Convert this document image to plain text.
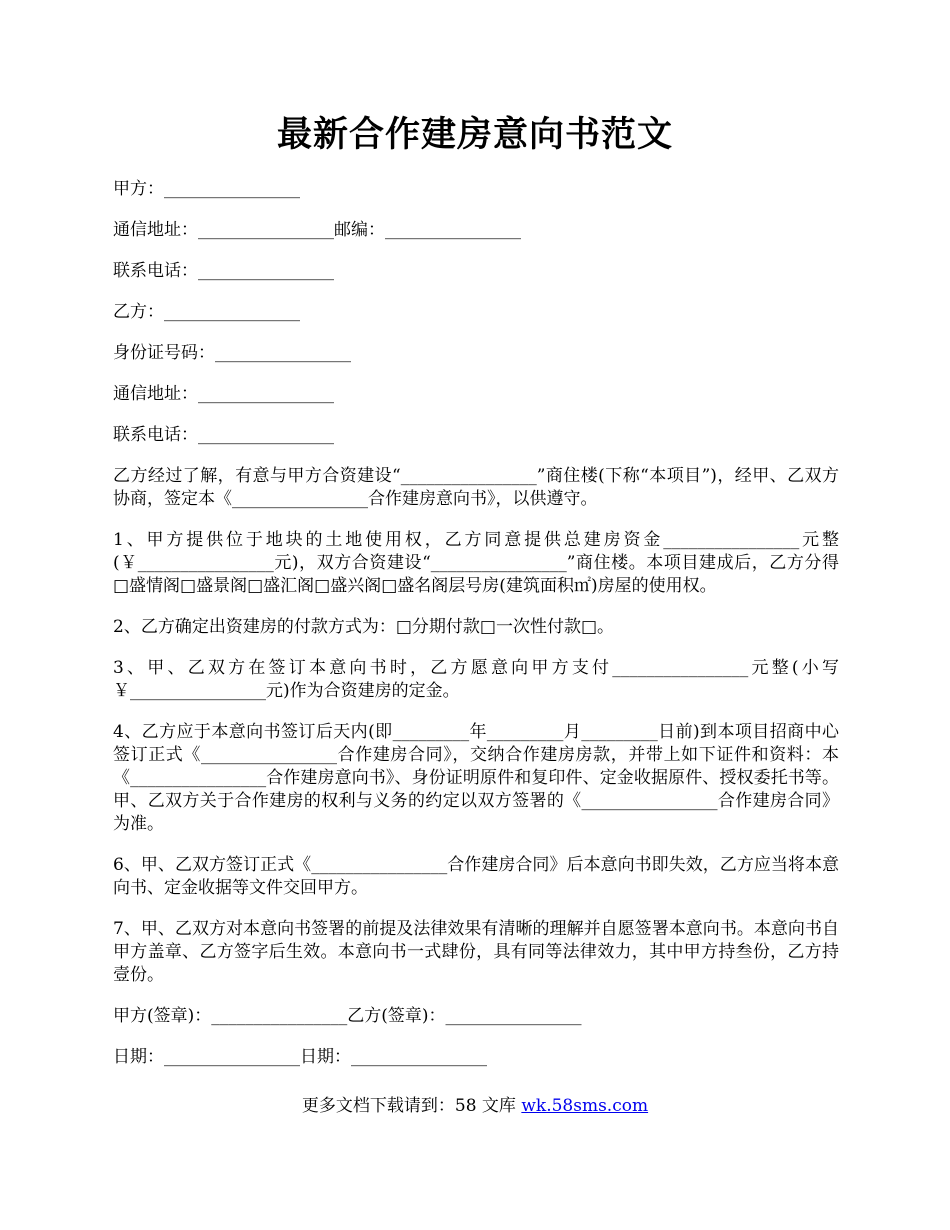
最新合作建房意向书范文

甲方：________________

通信地址：________________邮编：________________

联系电话：________________

乙方：________________

身份证号码：________________

通信地址：________________

联系电话：________________

乙方经过了解，有意与甲方合资建设“________________”商住楼(下称“本项目”)，经甲、乙双方协商，签定本《________________合作建房意向书》，以供遵守。

1、甲方提供位于地块的土地使用权，乙方同意提供总建房资金________________元整(￥________________元)，双方合资建设“________________”商住楼。本项目建成后，乙方分得□盛情阁□盛景阁□盛汇阁□盛兴阁□盛名阁层号房(建筑面积㎡)房屋的使用权。

2、乙方确定出资建房的付款方式为：□分期付款□一次性付款□。

3、甲、乙双方在签订本意向书时，乙方愿意向甲方支付________________元整(小写￥________________元)作为合资建房的定金。

4、乙方应于本意向书签订后天内(即_________年_________月_________日前)到本项目招商中心签订正式《________________合作建房合同》，交纳合作建房房款，并带上如下证件和资料：本《________________合作建房意向书》、身份证明原件和复印件、定金收据原件、授权委托书等。甲、乙双方关于合作建房的权利与义务的约定以双方签署的《________________合作建房合同》为准。

6、甲、乙双方签订正式《________________合作建房合同》后本意向书即失效，乙方应当将本意向书、定金收据等文件交回甲方。

7、甲、乙双方对本意向书签署的前提及法律效果有清晰的理解并自愿签署本意向书。本意向书自甲方盖章、乙方签字后生效。本意向书一式肆份，具有同等法律效力，其中甲方持叁份，乙方持壹份。

甲方(签章)：________________乙方(签章)：________________

日期：________________日期：________________

更多文档下载请到：58 文库 wk.58sms.com
